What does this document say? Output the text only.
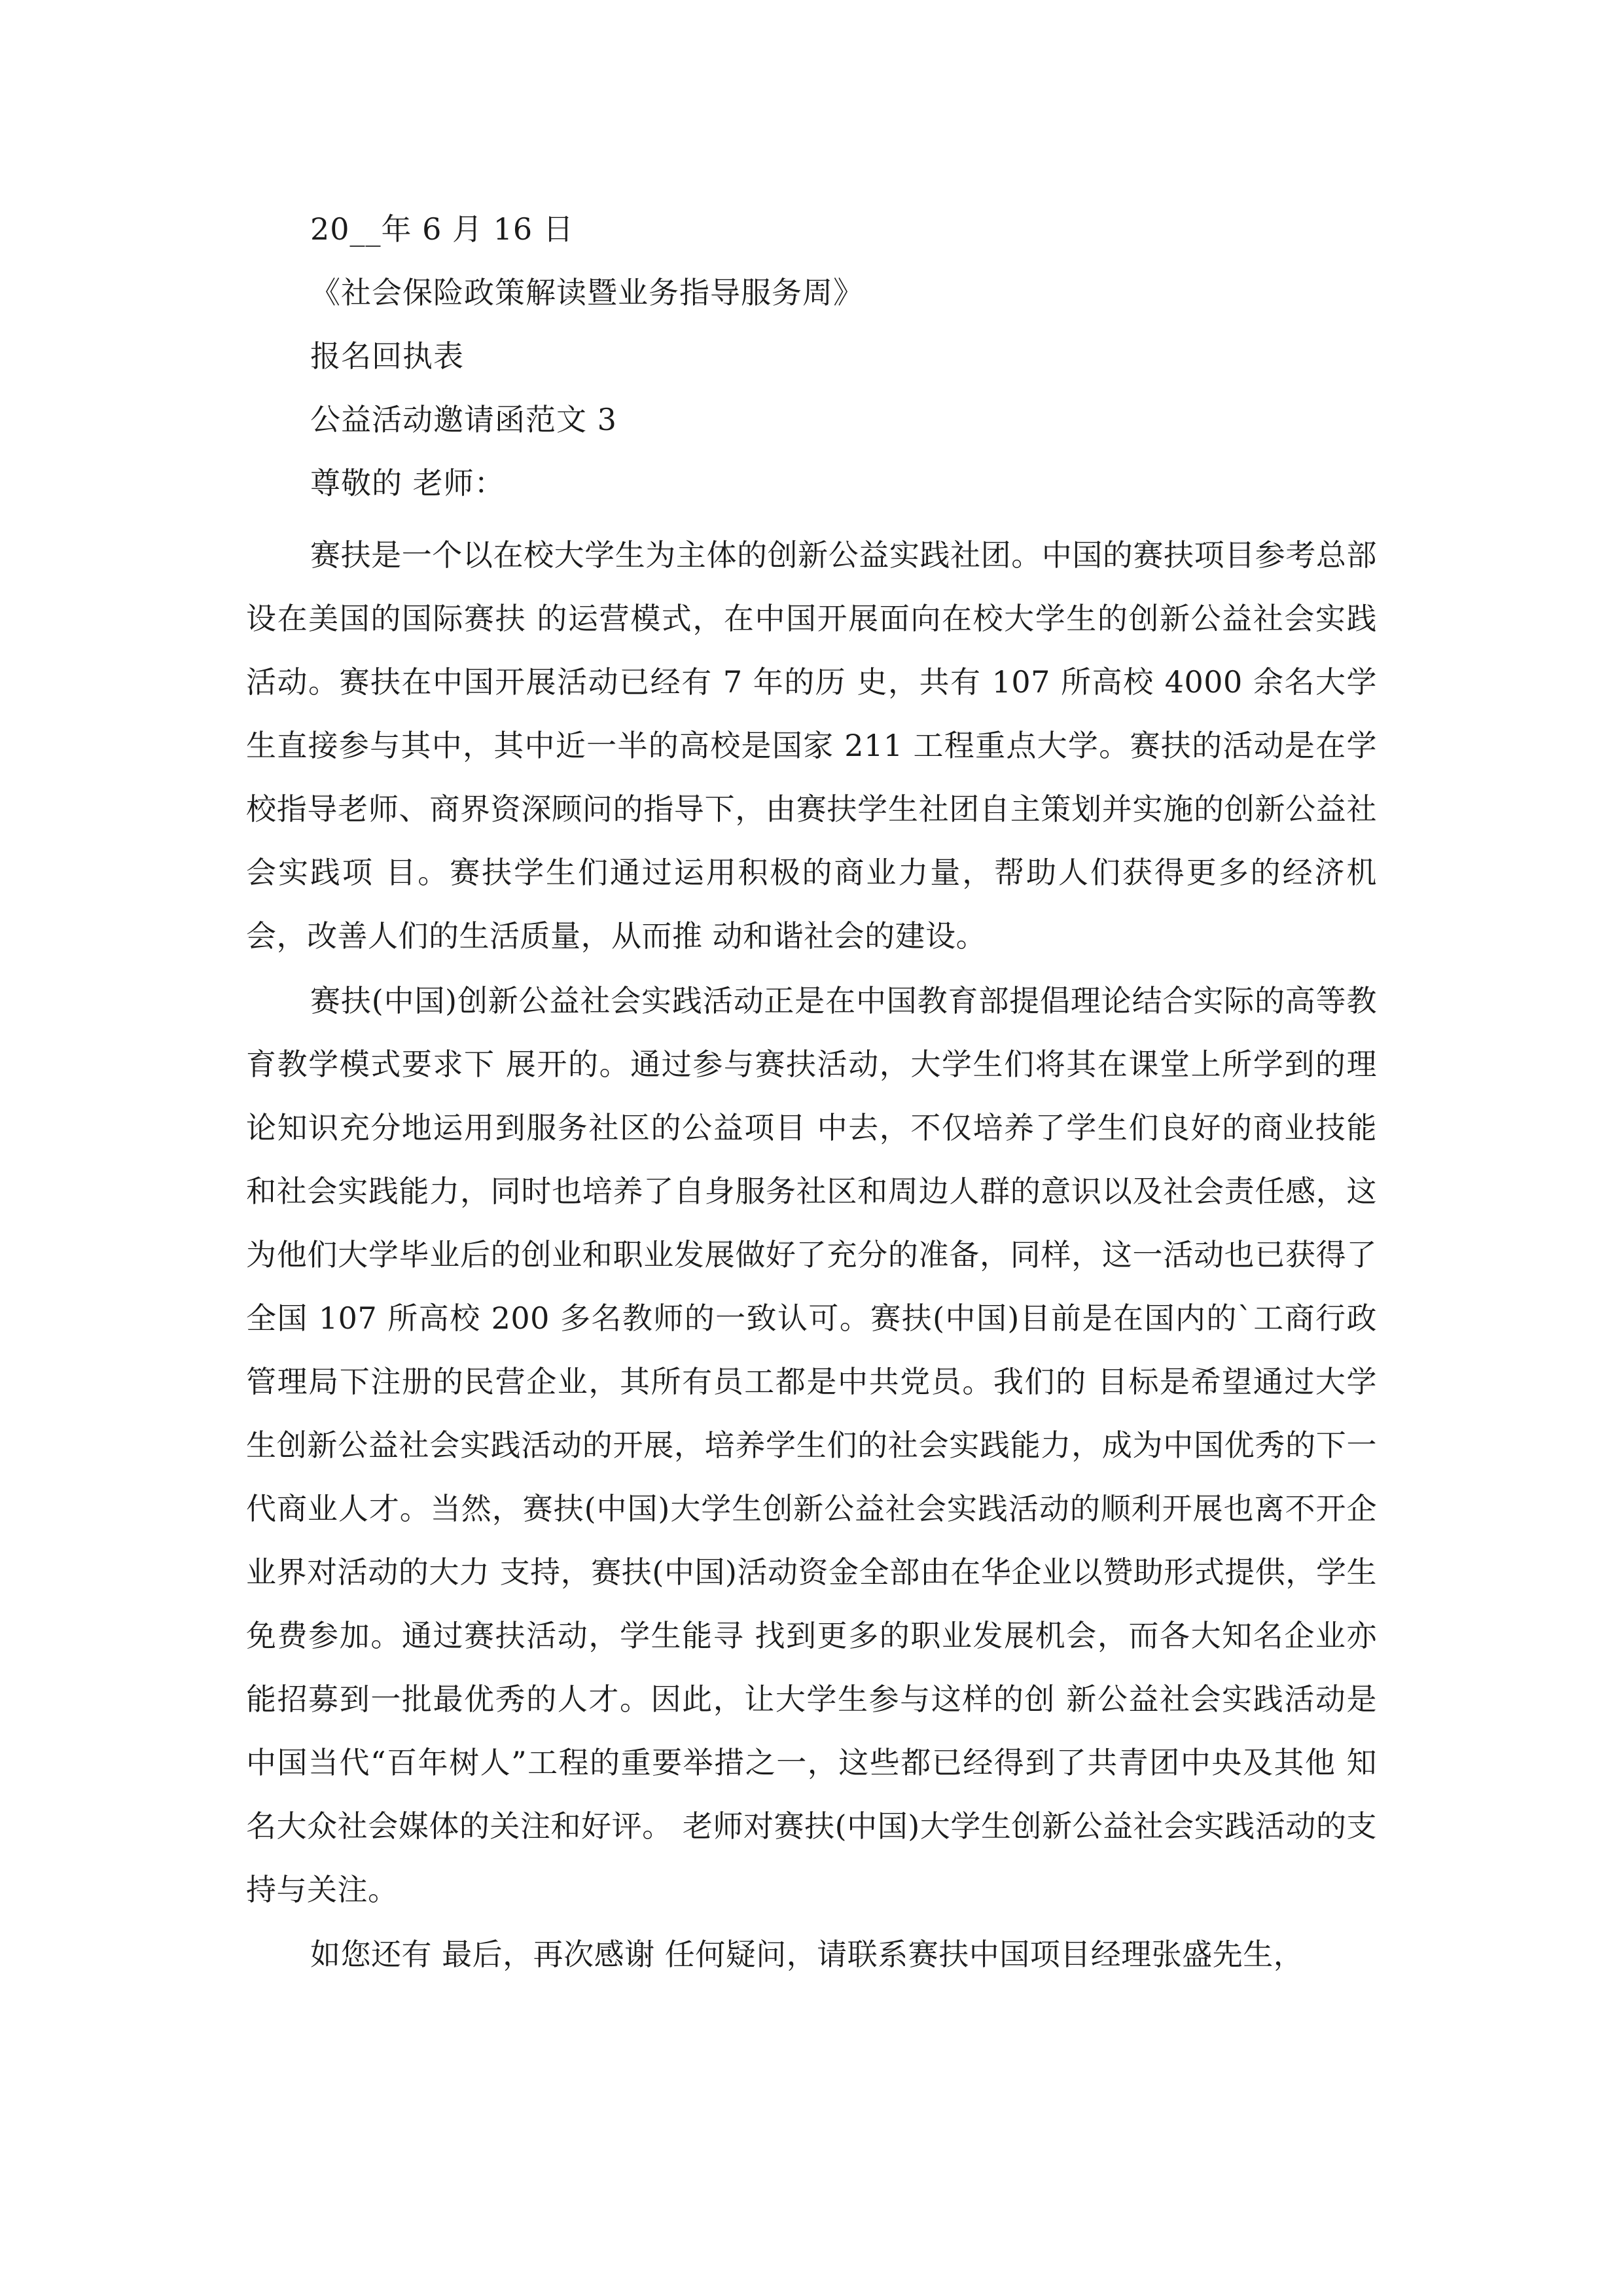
20__年 6 月 16 日

《社会保险政策解读暨业务指导服务周》

报名回执表

公益活动邀请函范文 3

尊敬的 老师：

赛扶是一个以在校大学生为主体的创新公益实践社团。中国的赛扶项目参考总部设在美国的国际赛扶 的运营模式，在中国开展面向在校大学生的创新公益社会实践活动。赛扶在中国开展活动已经有 7 年的历 史，共有 107 所高校 4000 余名大学生直接参与其中，其中近一半的高校是国家 211 工程重点大学。赛扶的活动是在学校指导老师、商界资深顾问的指导下，由赛扶学生社团自主策划并实施的创新公益社会实践项 目。赛扶学生们通过运用积极的商业力量，帮助人们获得更多的经济机会，改善人们的生活质量，从而推 动和谐社会的建设。

赛扶(中国)创新公益社会实践活动正是在中国教育部提倡理论结合实际的高等教育教学模式要求下 展开的。通过参与赛扶活动，大学生们将其在课堂上所学到的理论知识充分地运用到服务社区的公益项目 中去，不仅培养了学生们良好的商业技能和社会实践能力，同时也培养了自身服务社区和周边人群的意识以及社会责任感，这为他们大学毕业后的创业和职业发展做好了充分的准备，同样，这一活动也已获得了 全国 107 所高校 200 多名教师的一致认可。赛扶(中国)目前是在国内的`工商行政管理局下注册的民营企业，其所有员工都是中共党员。我们的 目标是希望通过大学生创新公益社会实践活动的开展，培养学生们的社会实践能力，成为中国优秀的下一 代商业人才。当然，赛扶(中国)大学生创新公益社会实践活动的顺利开展也离不开企业界对活动的大力 支持，赛扶(中国)活动资金全部由在华企业以赞助形式提供，学生免费参加。通过赛扶活动，学生能寻 找到更多的职业发展机会，而各大知名企业亦能招募到一批最优秀的人才。因此，让大学生参与这样的创 新公益社会实践活动是中国当代“百年树人”工程的重要举措之一，这些都已经得到了共青团中央及其他 知名大众社会媒体的关注和好评。 老师对赛扶(中国)大学生创新公益社会实践活动的支持与关注。

如您还有 最后，再次感谢 任何疑问，请联系赛扶中国项目经理张盛先生，
